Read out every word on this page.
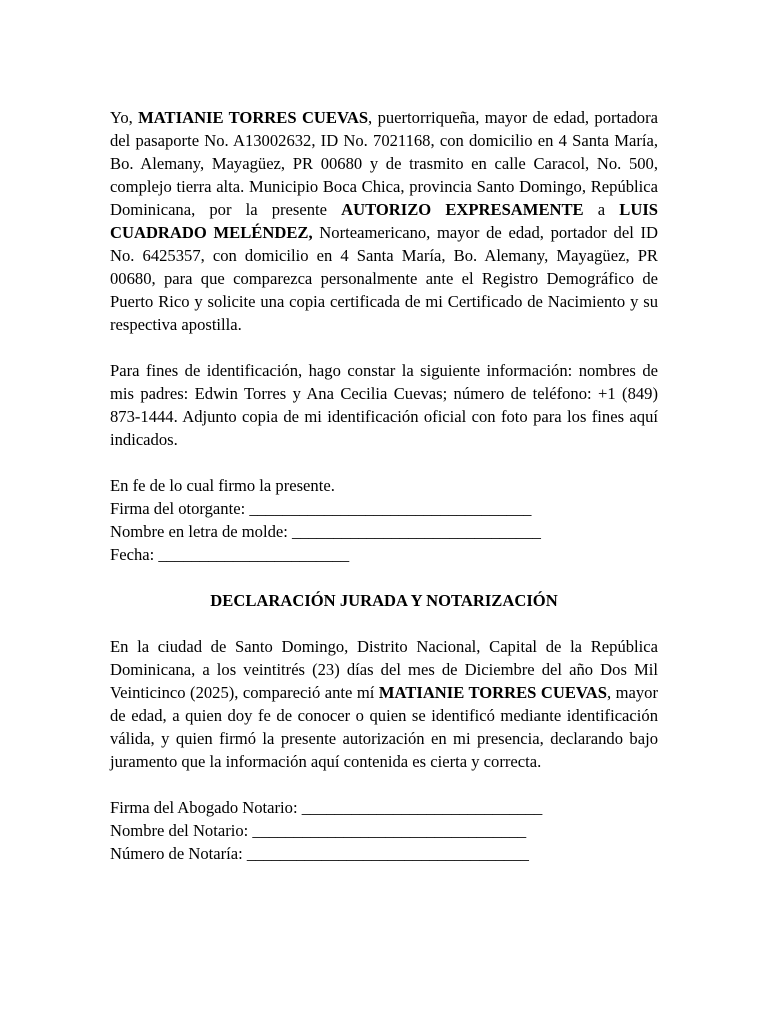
Yo, MATIANIE TORRES CUEVAS, puertorriqueña, mayor de edad, portadora del pasaporte No. A13002632, ID No. 7021168, con domicilio en 4 Santa María, Bo. Alemany, Mayagüez, PR 00680 y de trasmito en calle Caracol, No. 500, complejo tierra alta. Municipio Boca Chica, provincia Santo Domingo, República Dominicana, por la presente AUTORIZO EXPRESAMENTE a LUIS CUADRADO MELÉNDEZ, Norteamericano, mayor de edad, portador del ID No. 6425357, con domicilio en 4 Santa María, Bo. Alemany, Mayagüez, PR 00680, para que comparezca personalmente ante el Registro Demográfico de Puerto Rico y solicite una copia certificada de mi Certificado de Nacimiento y su respectiva apostilla.

Para fines de identificación, hago constar la siguiente información: nombres de mis padres: Edwin Torres y Ana Cecilia Cuevas; número de teléfono: +1 (849) 873-1444. Adjunto copia de mi identificación oficial con foto para los fines aquí indicados.

En fe de lo cual firmo la presente.

Firma del otorgante: __________________________________

Nombre en letra de molde: ______________________________

Fecha: _______________________

DECLARACIÓN JURADA Y NOTARIZACIÓN

En la ciudad de Santo Domingo, Distrito Nacional, Capital de la República Dominicana, a los veintitrés (23) días del mes de Diciembre del año Dos Mil Veinticinco (2025), compareció ante mí MATIANIE TORRES CUEVAS, mayor de edad, a quien doy fe de conocer o quien se identificó mediante identificación válida, y quien firmó la presente autorización en mi presencia, declarando bajo juramento que la información aquí contenida es cierta y correcta.

Firma del Abogado Notario: _____________________________

Nombre del Notario: _________________________________

Número de Notaría: __________________________________
